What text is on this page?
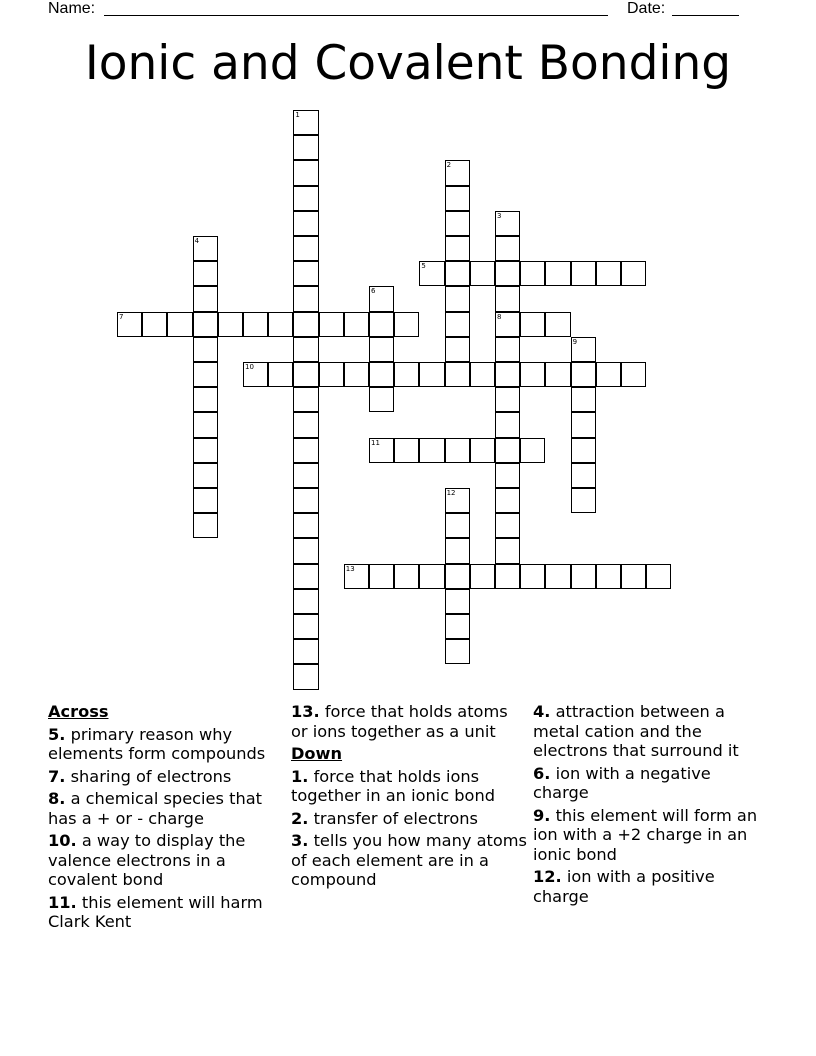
Name:	Date:
Ionic and Covalent Bonding
1
2
3
8
4
5
6
7
9
10
11
12
13
Across
5. primary reason why elements form compounds
7. sharing of electrons
8. a chemical species that has a + or - charge
10. a way to display the valence electrons in a covalent bond
11. this element will harm Clark Kent
13. force that holds atoms or ions together as a unit
Down
1. force that holds ions together in an ionic bond
2. transfer of electrons
3. tells you how many atoms of each element are in a compound
4. attraction between a metal cation and the electrons that surround it
6. ion with a negative charge
9. this element will form an ion with a +2 charge in an ionic bond
12. ion with a positive charge
